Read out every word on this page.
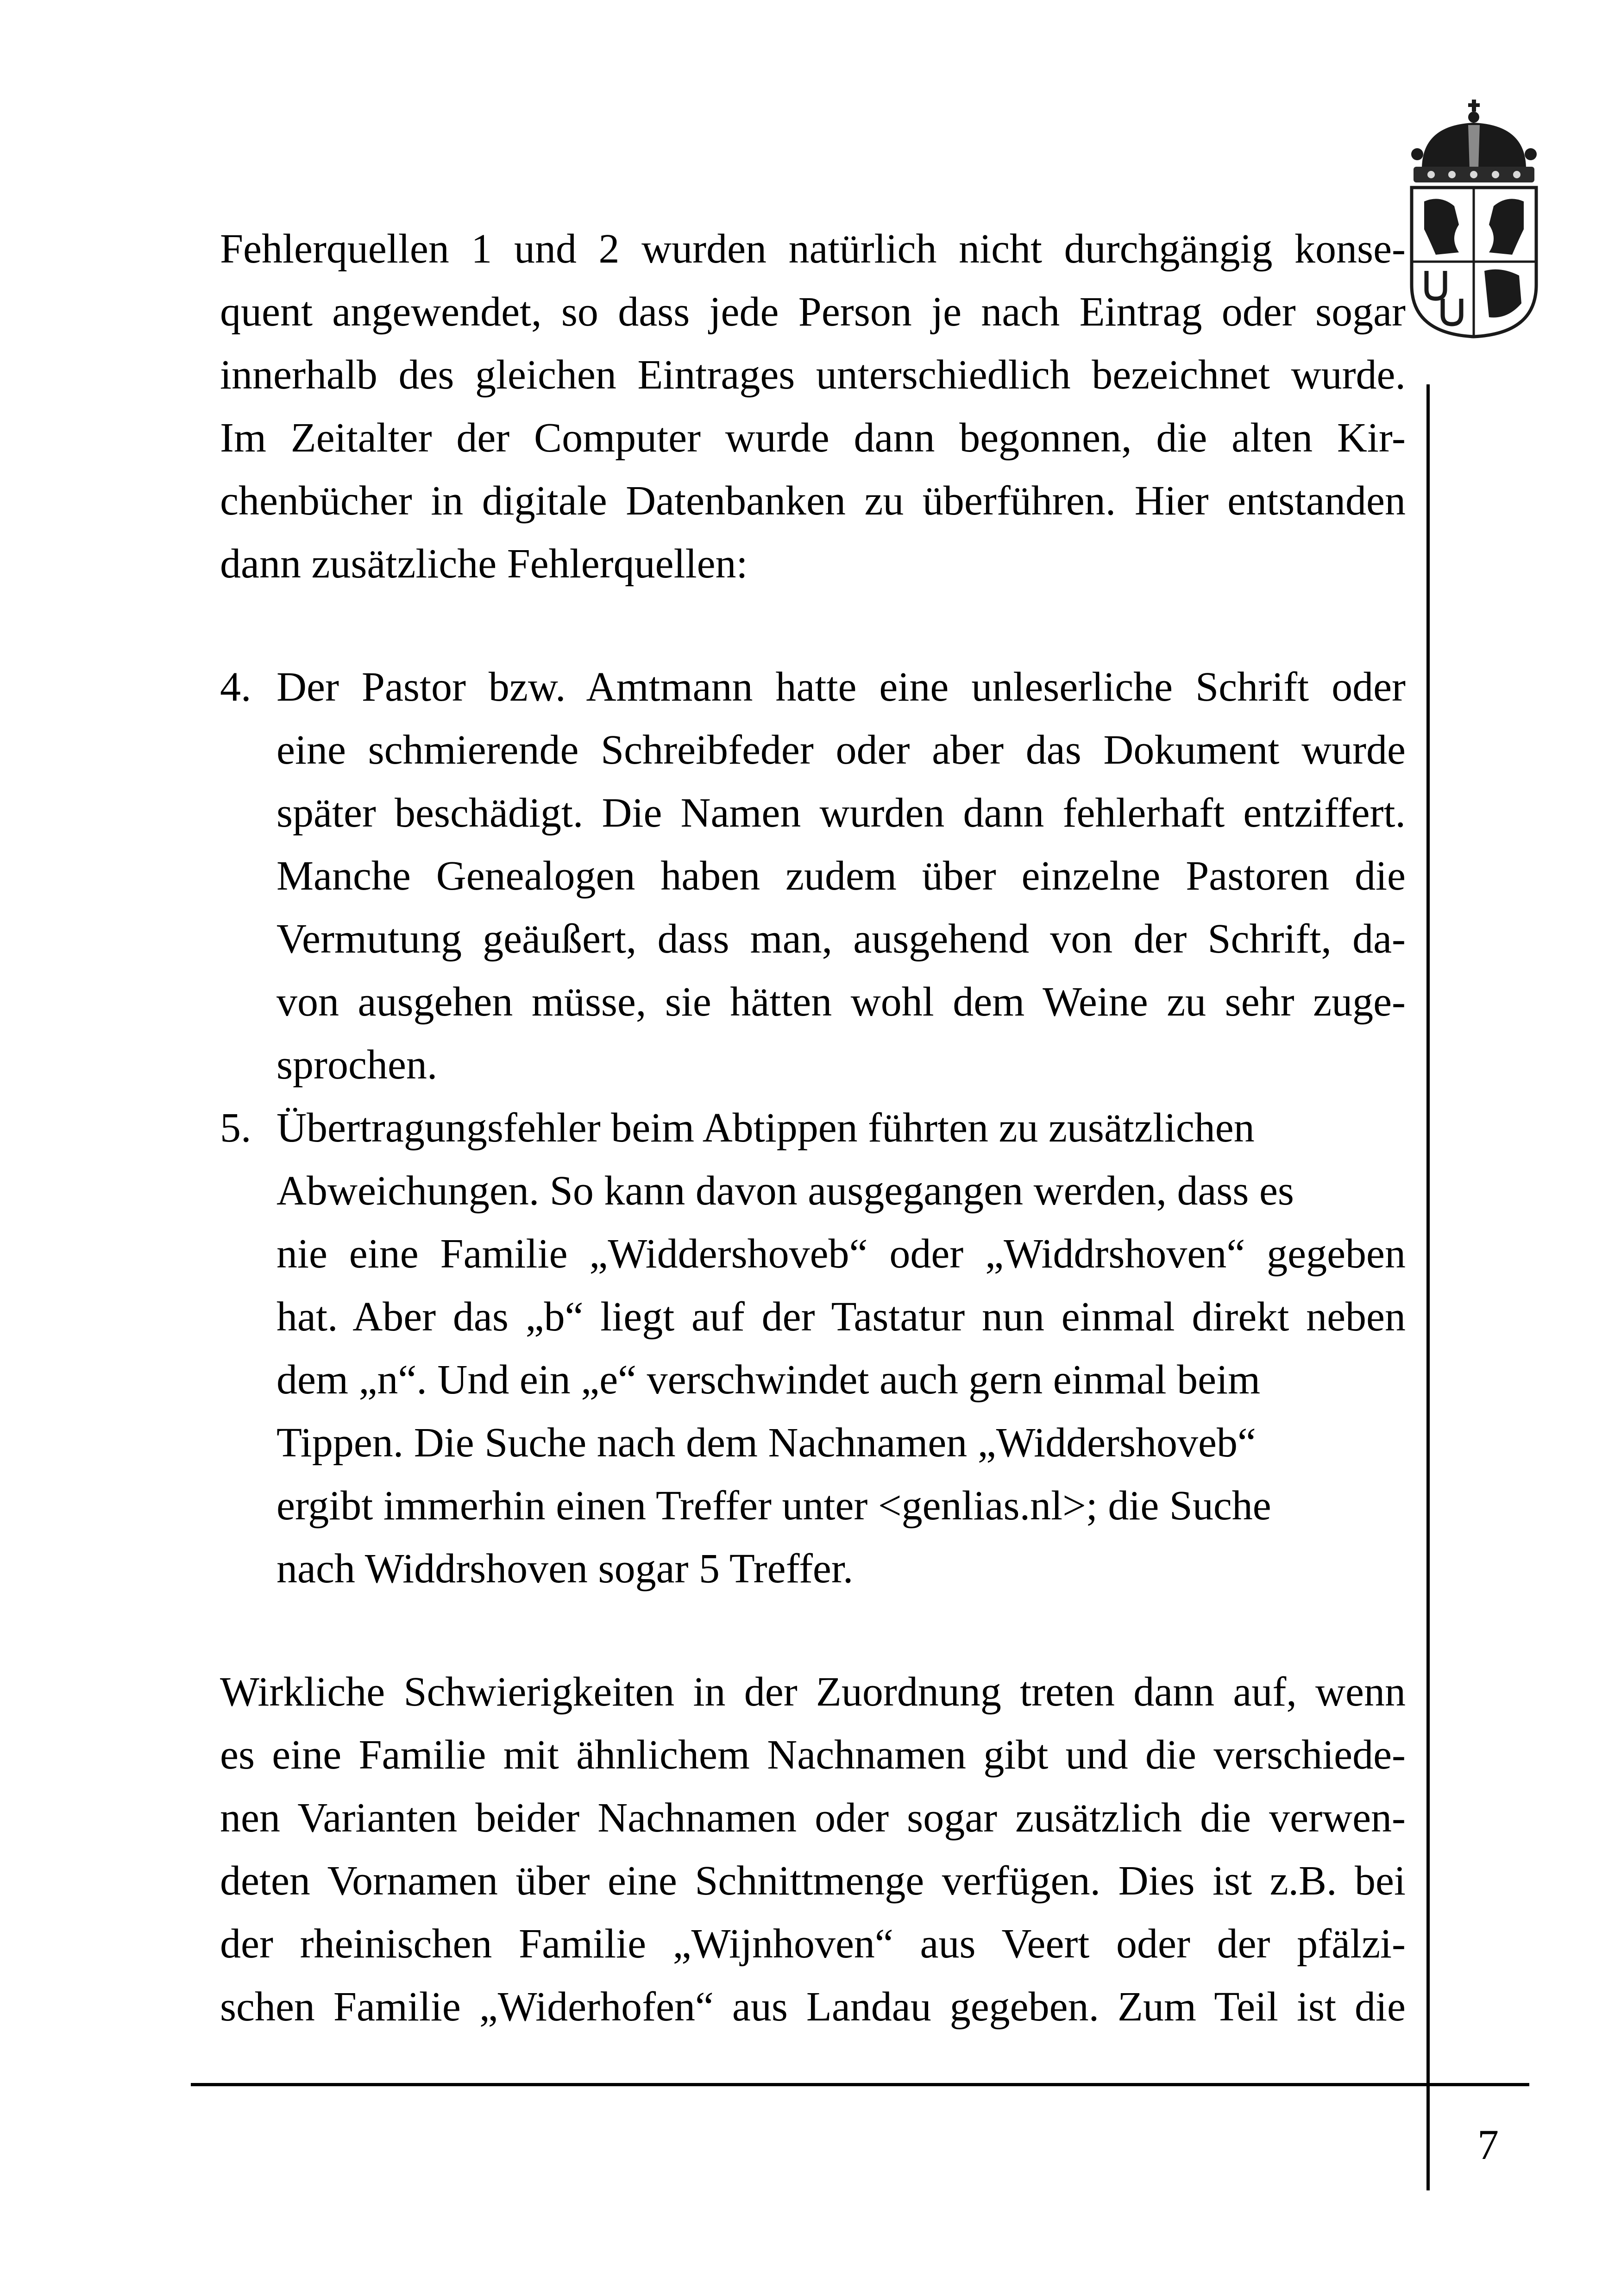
7
Fehlerquellen 1 und 2 wurden natürlich nicht durchgängig konse-
quent angewendet, so dass jede Person je nach Eintrag oder sogar
innerhalb des gleichen Eintrages unterschiedlich bezeichnet wurde.
Im Zeitalter der Computer wurde dann begonnen, die alten Kir-
chenbücher in digitale Datenbanken zu überführen. Hier entstanden
dann zusätzliche Fehlerquellen:
4. Der Pastor bzw. Amtmann hatte eine unleserliche Schrift oder
eine schmierende Schreibfeder oder aber das Dokument wurde
später beschädigt. Die Namen wurden dann fehlerhaft entziffert.
Manche Genealogen haben zudem über einzelne Pastoren die
Vermutung geäußert, dass man, ausgehend von der Schrift, da-
von ausgehen müsse, sie hätten wohl dem Weine zu sehr zuge-
sprochen.
5. Übertragungsfehler beim Abtippen führten zu zusätzlichen
Abweichungen. So kann davon ausgegangen werden, dass es
nie eine Familie „Widdershoveb“ oder „Widdrshoven“ gegeben
hat. Aber das „b“ liegt auf der Tastatur nun einmal direkt neben
dem „n“. Und ein „e“ verschwindet auch gern einmal beim
Tippen. Die Suche nach dem Nachnamen „Widdershoveb“
ergibt immerhin einen Treffer unter <genlias.nl>; die Suche
nach Widdrshoven sogar 5 Treffer.
Wirkliche Schwierigkeiten in der Zuordnung treten dann auf, wenn
es eine Familie mit ähnlichem Nachnamen gibt und die verschiede-
nen Varianten beider Nachnamen oder sogar zusätzlich die verwen-
deten Vornamen über eine Schnittmenge verfügen. Dies ist z.B. bei
der rheinischen Familie „Wijnhoven“ aus Veert oder der pfälzi-
schen Familie „Widerhofen“ aus Landau gegeben. Zum Teil ist die
